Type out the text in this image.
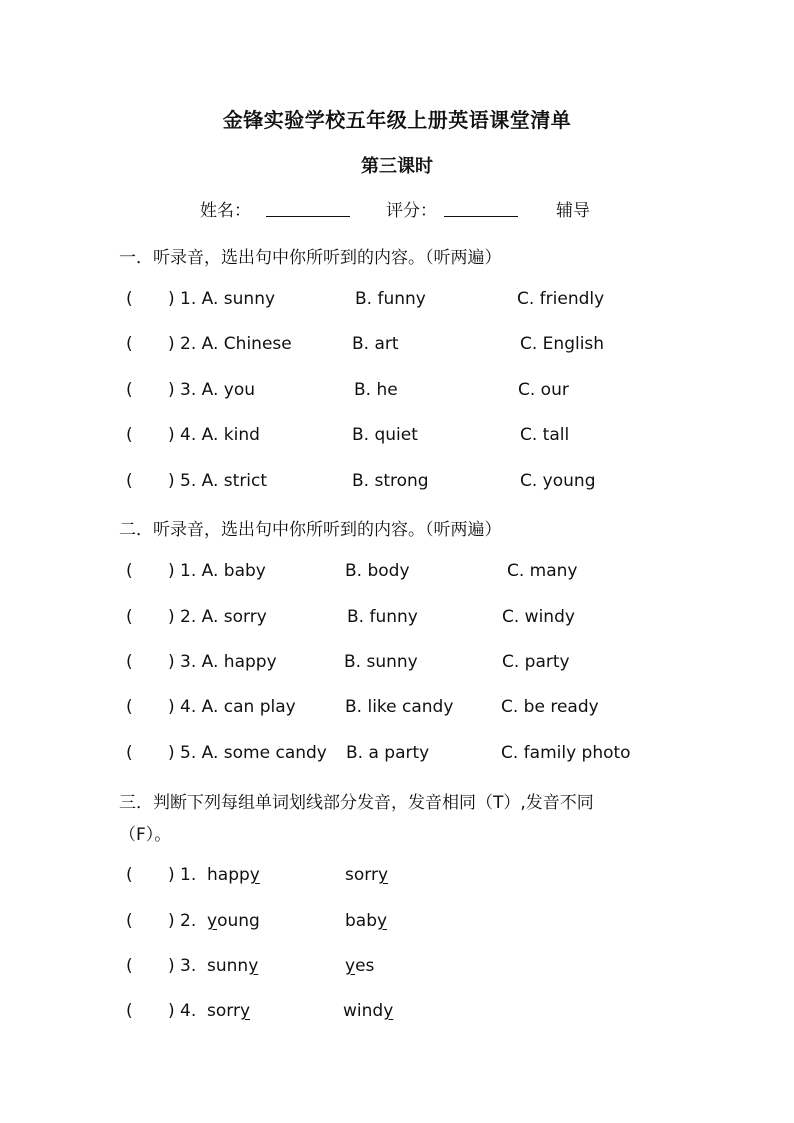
金锋实验学校五年级上册英语课堂清单
第三课时
姓名：	评分：	辅导
一．听录音，选出句中你所听到的内容。（听两遍）
( ) 1. A. sunny	B. funny	C. friendly
( ) 2. A. Chinese	B. art	C. English
( ) 3. A. you	B. he	C. our
( ) 4. A. kind	B. quiet	C. tall
( ) 5. A. strict	B. strong	C. young
二．听录音，选出句中你所听到的内容。（听两遍）
( ) 1. A. baby	B. body	C. many
( ) 2. A. sorry	B. funny	C. windy
( ) 3. A. happy	B. sunny	C. party
( ) 4. A. can play	B. like candy	C. be ready
( ) 5. A. some candy B. a party	C. family photo
三．判断下列每组单词划线部分发音，发音相同（T）,发音不同
（F）。
( ) 1. happy	sorry
( ) 2. young	baby
( ) 3. sunny	yes
( ) 4. sorry	windy
